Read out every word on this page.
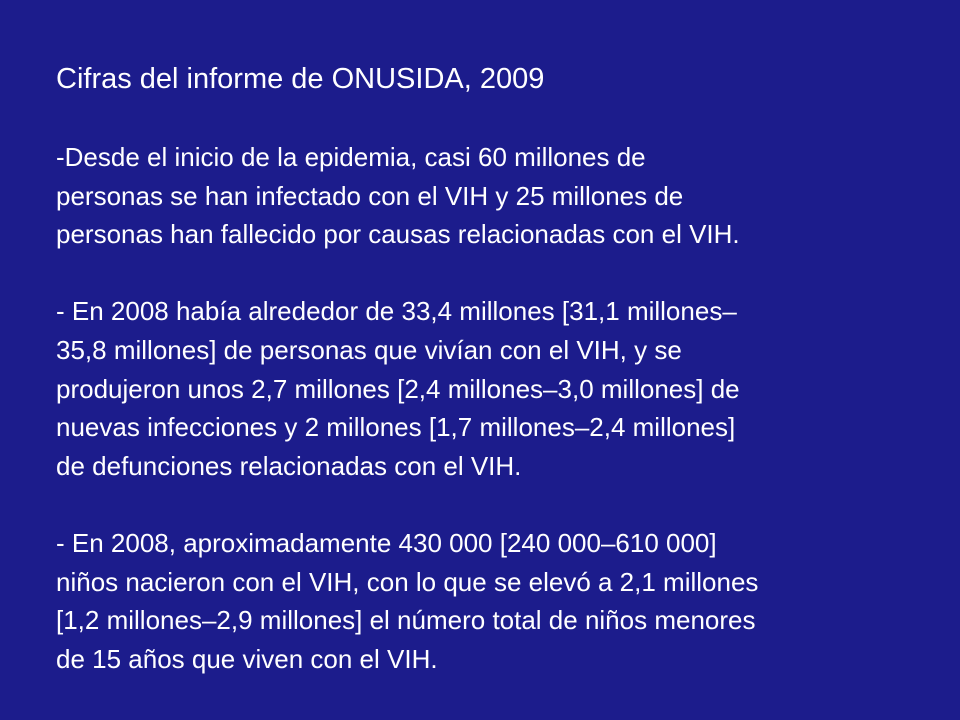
Cifras del informe de ONUSIDA, 2009

-Desde el inicio de la epidemia, casi 60 millones de
personas se han infectado con el VIH y 25 millones de
personas han fallecido por causas relacionadas con el VIH.

- En 2008 había alrededor de 33,4 millones [31,1 millones–
35,8 millones] de personas que vivían con el VIH, y se
produjeron unos 2,7 millones [2,4 millones–3,0 millones] de
nuevas infecciones y 2 millones [1,7 millones–2,4 millones]
de defunciones relacionadas con el VIH.

- En 2008, aproximadamente 430 000 [240 000–610 000]
niños nacieron con el VIH, con lo que se elevó a 2,1 millones
[1,2 millones–2,9 millones] el número total de niños menores
de 15 años que viven con el VIH.
